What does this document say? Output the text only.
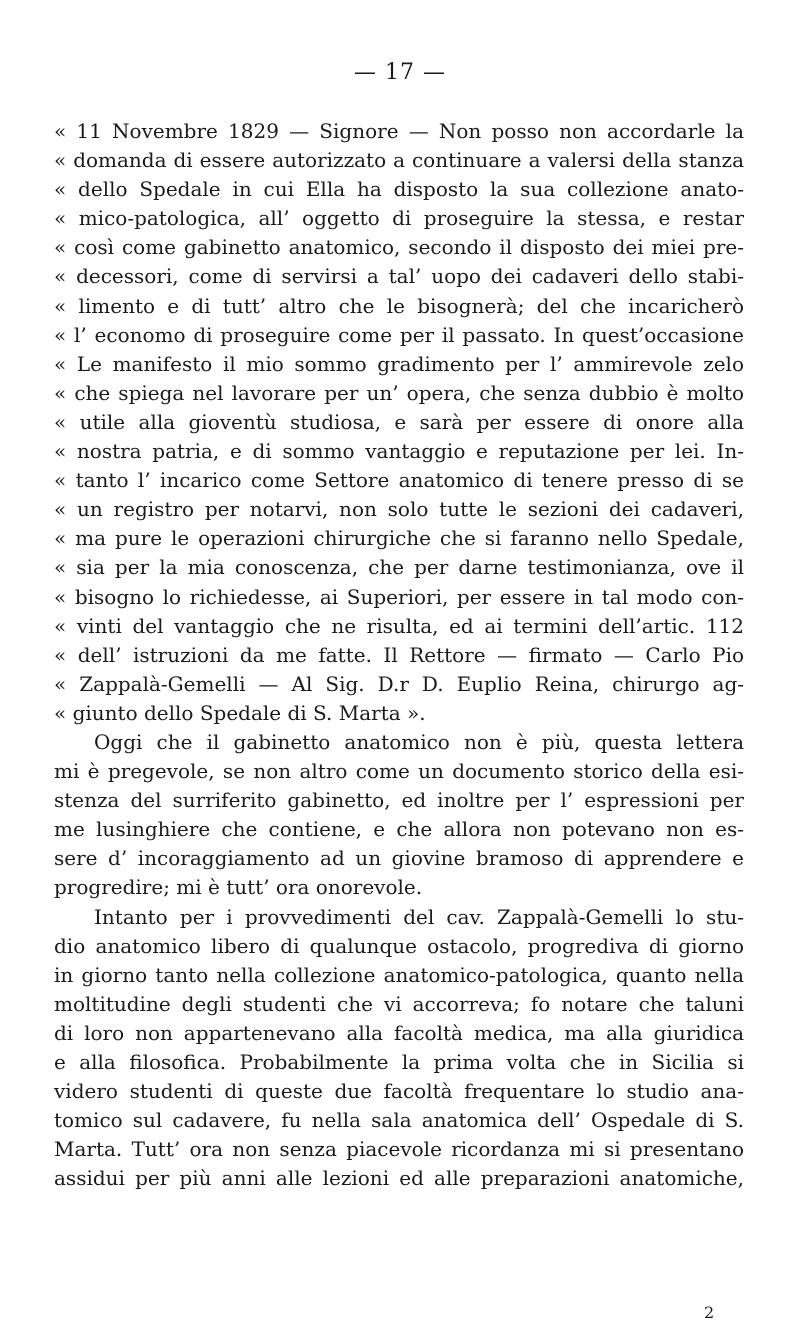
— 17 —
« 11 Novembre 1829 — Signore — Non posso non accordarle la
« domanda di essere autorizzato a continuare a valersi della stanza
« dello Spedale in cui Ella ha disposto la sua collezione anato-
« mico-patologica, all’ oggetto di proseguire la stessa, e restar
« così come gabinetto anatomico, secondo il disposto dei miei pre-
« decessori, come di servirsi a tal’ uopo dei cadaveri dello stabi-
« limento e di tutt’ altro che le bisognerà; del che incaricherò
« l’ economo di proseguire come per il passato. In quest’occasione
« Le manifesto il mio sommo gradimento per l’ ammirevole zelo
« che spiega nel lavorare per un’ opera, che senza dubbio è molto
« utile alla gioventù studiosa, e sarà per essere di onore alla
« nostra patria, e di sommo vantaggio e reputazione per lei. In-
« tanto l’ incarico come Settore anatomico di tenere presso di se
« un registro per notarvi, non solo tutte le sezioni dei cadaveri,
« ma pure le operazioni chirurgiche che si faranno nello Spedale,
« sia per la mia conoscenza, che per darne testimonianza, ove il
« bisogno lo richiedesse, ai Superiori, per essere in tal modo con-
« vinti del vantaggio che ne risulta, ed ai termini dell’artic. 112
« dell’ istruzioni da me fatte. Il Rettore — firmato — Carlo Pio
« Zappalà-Gemelli — Al Sig. D.r D. Euplio Reina, chirurgo ag-
« giunto dello Spedale di S. Marta ».
Oggi che il gabinetto anatomico non è più, questa lettera
mi è pregevole, se non altro come un documento storico della esi-
stenza del surriferito gabinetto, ed inoltre per l’ espressioni per
me lusinghiere che contiene, e che allora non potevano non es-
sere d’ incoraggiamento ad un giovine bramoso di apprendere e
progredire; mi è tutt’ ora onorevole.
Intanto per i provvedimenti del cav. Zappalà-Gemelli lo stu-
dio anatomico libero di qualunque ostacolo, progrediva di giorno
in giorno tanto nella collezione anatomico-patologica, quanto nella
moltitudine degli studenti che vi accorreva; fo notare che taluni
di loro non appartenevano alla facoltà medica, ma alla giuridica
e alla filosofica. Probabilmente la prima volta che in Sicilia si
videro studenti di queste due facoltà frequentare lo studio ana-
tomico sul cadavere, fu nella sala anatomica dell’ Ospedale di S.
Marta. Tutt’ ora non senza piacevole ricordanza mi si presentano
assidui per più anni alle lezioni ed alle preparazioni anatomiche,
2
